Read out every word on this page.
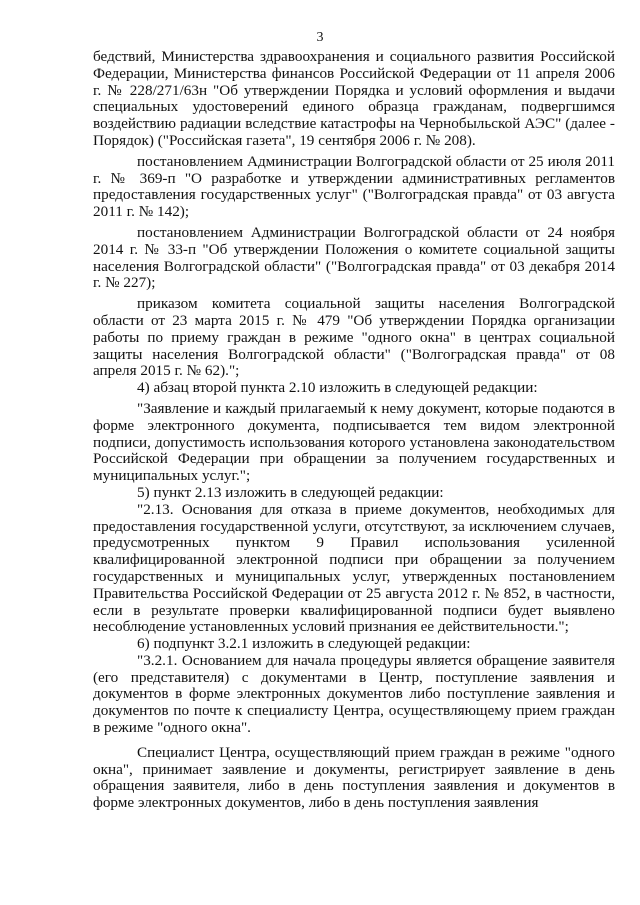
3

бедствий, Министерства здравоохранения и социального развития Российской Федерации, Министерства финансов Российской Федерации от 11 апреля 2006 г. № 228/271/63н "Об утверждении Порядка и условий оформления и выдачи специальных удостоверений единого образца гражданам, подвергшимся воздействию радиации вследствие катастрофы на Чернобыльской АЭС" (далее - Порядок) ("Российская газета", 19 сентября 2006 г. № 208).

постановлением Администрации Волгоградской области от 25 июля 2011 г. № 369-п "О разработке и утверждении административных регламентов предоставления государственных услуг" ("Волгоградская правда" от 03 августа 2011 г. № 142);

постановлением Администрации Волгоградской области от 24 ноября 2014 г. № 33-п "Об утверждении Положения о комитете социальной защиты населения Волгоградской области" ("Волгоградская правда" от 03 декабря 2014 г. № 227);

приказом комитета социальной защиты населения Волгоградской области от 23 марта 2015 г. № 479 "Об утверждении Порядка организации работы по приему граждан в режиме "одного окна" в центрах социальной защиты населения Волгоградской области" ("Волгоградская правда" от 08 апреля 2015 г. № 62).";

4) абзац второй пункта 2.10 изложить в следующей редакции:

"Заявление и каждый прилагаемый к нему документ, которые подаются в форме электронного документа, подписывается тем видом электронной подписи, допустимость использования которого установлена законодательством Российской Федерации при обращении за получением государственных и муниципальных услуг.";

5) пункт 2.13 изложить в следующей редакции:

"2.13. Основания для отказа в приеме документов, необходимых для предоставления государственной услуги, отсутствуют, за исключением случаев, предусмотренных пунктом 9 Правил использования усиленной квалифицированной электронной подписи при обращении за получением государственных и муниципальных услуг, утвержденных постановлением Правительства Российской Федерации от 25 августа 2012 г. № 852, в частности, если в результате проверки квалифицированной подписи будет выявлено несоблюдение установленных условий признания ее действительности.";

6) подпункт 3.2.1 изложить в следующей редакции:

"3.2.1. Основанием для начала процедуры является обращение заявителя (его представителя) с документами в Центр, поступление заявления и документов в форме электронных документов либо поступление заявления и документов по почте к специалисту Центра, осуществляющему прием граждан в режиме "одного окна".

Специалист Центра, осуществляющий прием граждан в режиме "одного окна", принимает заявление и документы, регистрирует заявление в день обращения заявителя, либо в день поступления заявления и документов в форме электронных документов, либо в день поступления заявления
